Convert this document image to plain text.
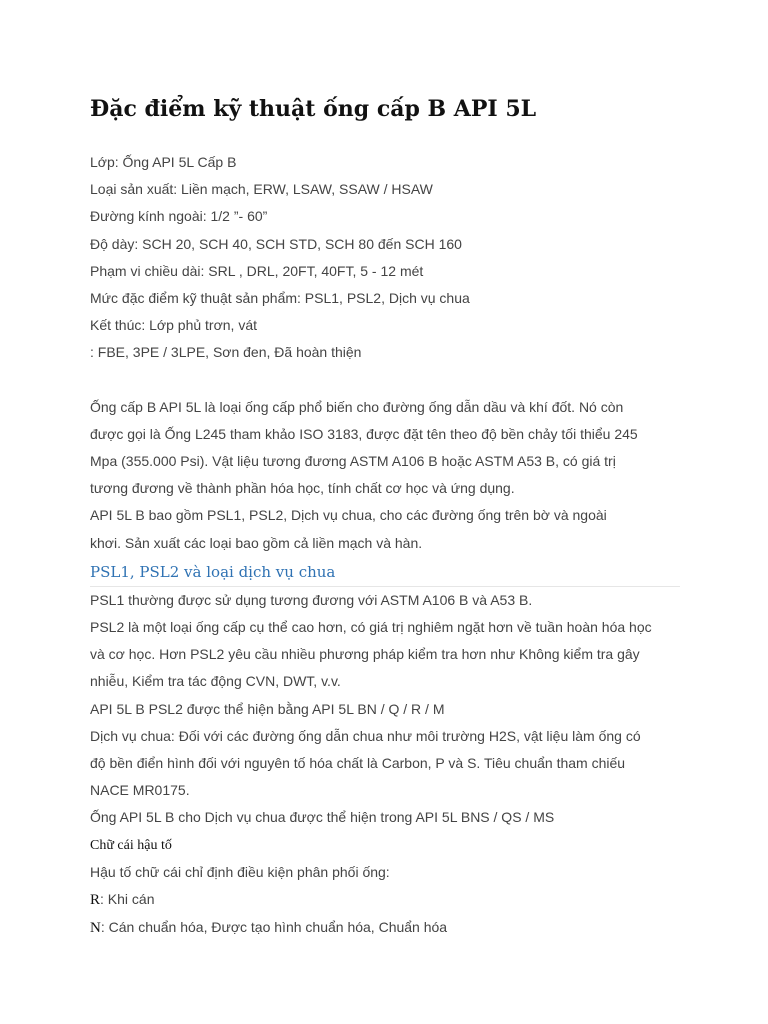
Đặc điểm kỹ thuật ống cấp B API 5L
Lớp: Ống API 5L Cấp B
Loại sản xuất: Liền mạch, ERW, LSAW, SSAW / HSAW
Đường kính ngoài: 1/2 ”- 60”
Độ dày: SCH 20, SCH 40, SCH STD, SCH 80 đến SCH 160
Phạm vi chiều dài: SRL , DRL, 20FT, 40FT, 5 - 12 mét
Mức đặc điểm kỹ thuật sản phẩm: PSL1, PSL2, Dịch vụ chua
Kết thúc: Lớp phủ trơn, vát
: FBE, 3PE / 3LPE, Sơn đen, Đã hoàn thiện
Ống cấp B API 5L là loại ống cấp phổ biến cho đường ống dẫn dầu và khí đốt. Nó còn
được gọi là Ống L245 tham khảo ISO 3183, được đặt tên theo độ bền chảy tối thiểu 245
Mpa (355.000 Psi). Vật liệu tương đương ASTM A106 B hoặc ASTM A53 B, có giá trị
tương đương về thành phần hóa học, tính chất cơ học và ứng dụng.
API 5L B bao gồm PSL1, PSL2, Dịch vụ chua, cho các đường ống trên bờ và ngoài
khơi. Sản xuất các loại bao gồm cả liền mạch và hàn.
PSL1, PSL2 và loại dịch vụ chua
PSL1 thường được sử dụng tương đương với ASTM A106 B và A53 B.
PSL2 là một loại ống cấp cụ thể cao hơn, có giá trị nghiêm ngặt hơn về tuần hoàn hóa học
và cơ học. Hơn PSL2 yêu cầu nhiều phương pháp kiểm tra hơn như Không kiểm tra gây
nhiễu, Kiểm tra tác động CVN, DWT, v.v.
API 5L B PSL2 được thể hiện bằng API 5L BN / Q / R / M
Dịch vụ chua: Đối với các đường ống dẫn chua như môi trường H2S, vật liệu làm ống có
độ bền điển hình đối với nguyên tố hóa chất là Carbon, P và S. Tiêu chuẩn tham chiếu
NACE MR0175.
Ống API 5L B cho Dịch vụ chua được thể hiện trong API 5L BNS / QS / MS
Chữ cái hậu tố
Hậu tố chữ cái chỉ định điều kiện phân phối ống:
R: Khi cán
N: Cán chuẩn hóa, Được tạo hình chuẩn hóa, Chuẩn hóa
